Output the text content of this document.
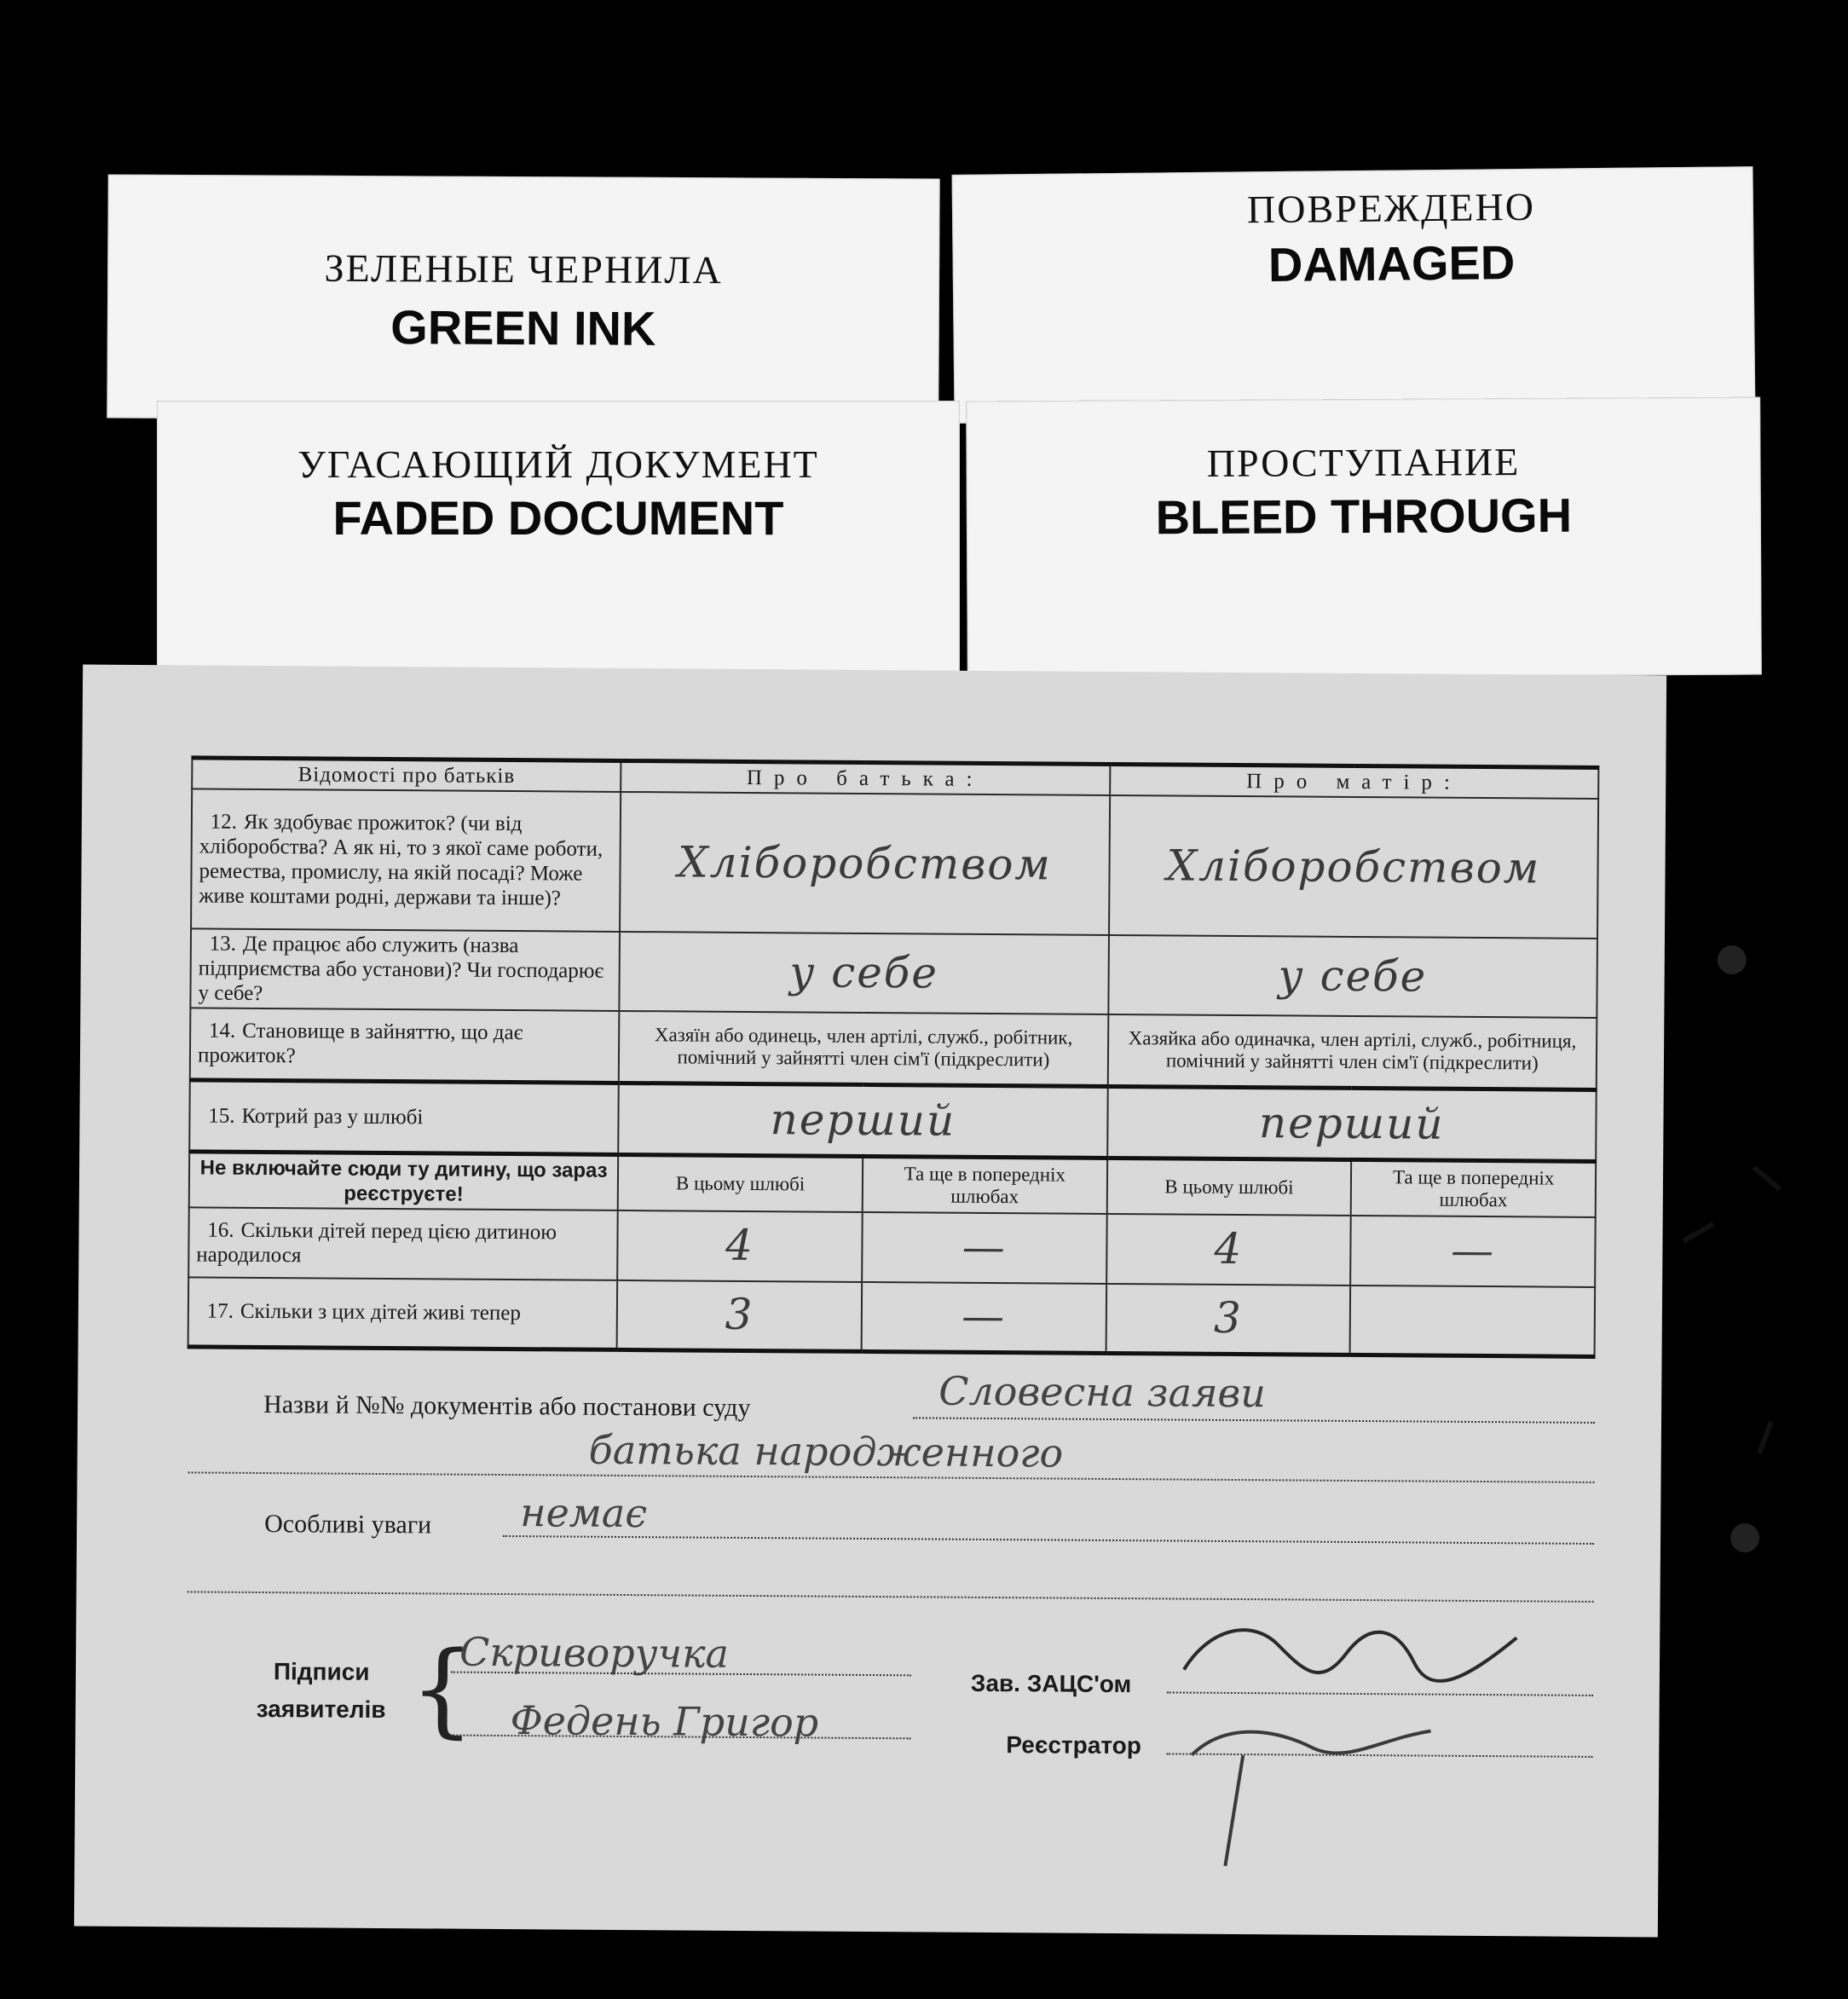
ЗЕЛЕНЫЕ ЧЕРНИЛА
GREEN INK
ПОВРЕЖДЕНО
DAMAGED
УГАСАЮЩИЙ ДОКУМЕНТ
FADED DOCUMENT
ПРОСТУПАНИЕ
BLEED THROUGH
Відомості про батьків	Про батька:		Про матір:	
12. Як здобуває прожиток? (чи від хліборобства? А як ні, то з якої саме роботи, ремества, промислу, на якій посаді? Може живе коштами родні, держави та інше)?	Хліборобством		Хліборобством	
13. Де працює або служить (назва підприємства або установи)? Чи господарює у себе?	у себе		у себе	
14. Становище в зайняттю, що дає прожиток?	Хазяїн або одинець, член артілі, служб., робітник, помічний у зайнятті член сім'ї (підкреслити)		Хазяйка або одиначка, член артілі, служб., робітниця, помічний у зайнятті член сім'ї (підкреслити)	
15. Котрий раз у шлюбі	перший		перший	
Не включайте сюди ту дитину, що зараз реєструєте!	В цьому шлюбі	Та ще в попередніх шлюбах	В цьому шлюбі	Та ще в попередніх шлюбах
16. Скільки дітей перед цією дитиною народилося	4	—	4	—
17. Скільки з цих дітей живі тепер	3	—	3	
Назви й №№ документів або постанови суду	Словесна заяви
батька народженного
Особливі уваги немає
Підписи
заявителів {
Скриворучка
Федень Григор
Зав. ЗАЦС'ом
Реєстратор
